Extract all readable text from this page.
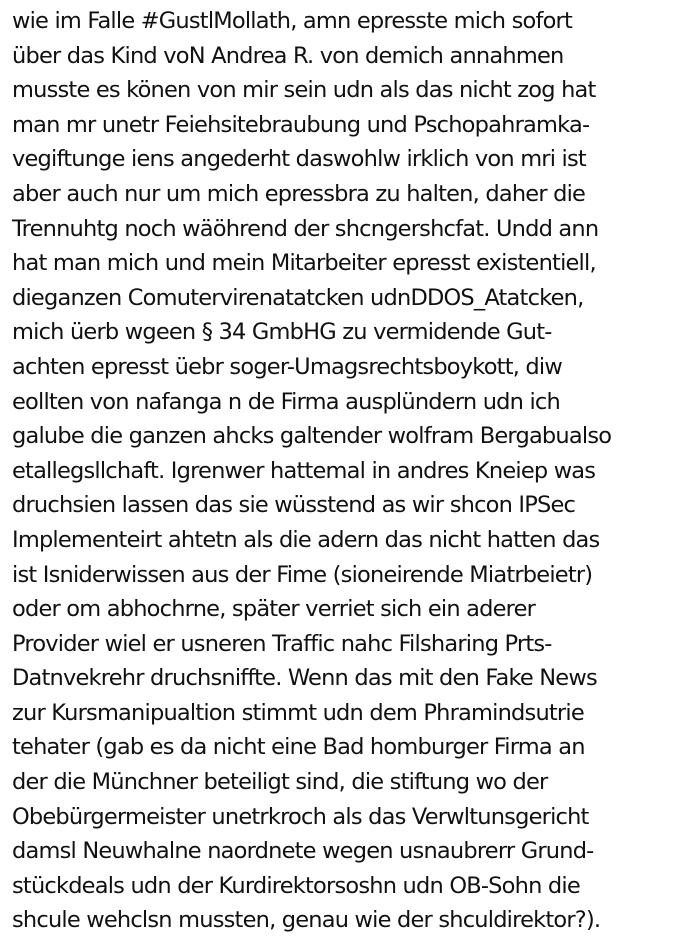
wie im Falle #GustlMollath, amn epresste mich sofort
über das Kind voN Andrea R. von demich annahmen
musste es könen von mir sein udn als das nicht zog hat
man mr unetr Feiehsitebraubung und Pschopahramka-
vegiftunge iens angederht daswohlw irklich von mri ist
aber auch nur um mich epressbra zu halten, daher die
Trennuhtg noch wäöhrend der shcngershcfat. Undd ann
hat man mich und mein Mitarbeiter epresst existentiell,
dieganzen Comutervirenatatcken udnDDOS_Atatcken,
mich üerb wgeen § 34 GmbHG zu vermidende Gut-
achten epresst üebr soger-Umagsrechtsboykott, diw
eollten von nafanga n de Firma ausplündern udn ich
galube die ganzen ahcks galtender wolfram Bergabualso
etallegsllchaft. Igrenwer hattemal in andres Kneiep was
druchsien lassen das sie wüsstend as wir shcon IPSec
Implementeirt ahtetn als die adern das nicht hatten das
ist Isniderwissen aus der Fime (sioneirende Miatrbeietr)
oder om abhochrne, später verriet sich ein aderer
Provider wiel er usneren Traffic nahc Filsharing Prts-
Datnvekrehr druchsniffte. Wenn das mit den Fake News
zur Kursmanipualtion stimmt udn dem Phramindsutrie
tehater (gab es da nicht eine Bad homburger Firma an
der die Münchner beteiligt sind, die stiftung wo der
Obebürgermeister unetrkroch als das Verwltunsgericht
damsl Neuwhalne naordnete wegen usnaubrerr Grund-
stückdeals udn der Kurdirektorsoshn udn OB-Sohn die
shcule wehclsn mussten, genau wie der shculdirektor?).
